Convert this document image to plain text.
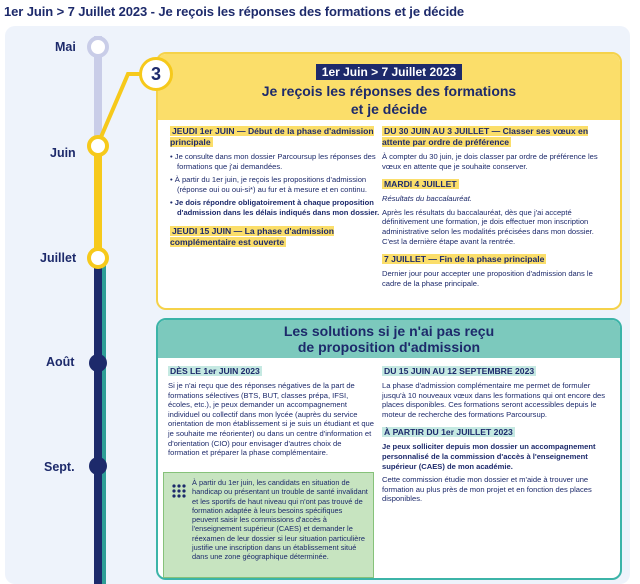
1er Juin > 7 Juillet 2023 - Je reçois les réponses des formations et je décide
Mai
Juin
Juillet
Août
Sept.
1er Juin > 7 Juillet 2023
Je reçois les réponses des formations
et je décide
JEUDI 1er JUIN — Début de la phase d'admission principale
• Je consulte dans mon dossier Parcoursup les réponses des formations que j'ai demandées.
• À partir du 1er juin, je reçois les propositions d'admission (réponse oui ou oui-si*) au fur et à mesure et en continu.
• Je dois répondre obligatoirement à chaque proposition d'admission dans les délais indiqués dans mon dossier.
JEUDI 15 JUIN — La phase d'admission complémentaire est ouverte
DU 30 JUIN AU 3 JUILLET — Classer ses vœux en attente par ordre de préférence
À compter du 30 juin, je dois classer par ordre de préférence les vœux en attente que je souhaite conserver.
MARDI 4 JUILLET
Résultats du baccalauréat.
Après les résultats du baccalauréat, dès que j'ai accepté définitivement une formation, je dois effectuer mon inscription administrative selon les modalités précisées dans mon dossier. C'est la dernière étape avant la rentrée.
7 JUILLET — Fin de la phase principale
Dernier jour pour accepter une proposition d'admission dans le cadre de la phase principale.
Les solutions si je n'ai pas reçu
de proposition d'admission
DÈS LE 1er JUIN 2023
Si je n'ai reçu que des réponses négatives de la part de formations sélectives (BTS, BUT, classes prépa, IFSI, écoles, etc.), je peux demander un accompagnement individuel ou collectif dans mon lycée (auprès du service orientation de mon établissement si je suis un étudiant et que je souhaite me réorienter) ou dans un centre d'information et d'orientation (CIO) pour envisager d'autres choix de formation et préparer la phase complémentaire.
DU 15 JUIN AU 12 SEPTEMBRE 2023
La phase d'admission complémentaire me permet de formuler jusqu'à 10 nouveaux vœux dans les formations qui ont encore des places disponibles. Ces formations seront accessibles depuis le moteur de recherche des formations Parcoursup.
À PARTIR DU 1er JUILLET 2023
Je peux solliciter depuis mon dossier un accompagnement personnalisé de la commission d'accès à l'enseignement supérieur (CAES) de mon académie.
Cette commission étudie mon dossier et m'aide à trouver une formation au plus près de mon projet et en fonction des places disponibles.
À partir du 1er juin, les candidats en situation de handicap ou présentant un trouble de santé invalidant et les sportifs de haut niveau qui n'ont pas trouvé de formation adaptée à leurs besoins spécifiques peuvent saisir les commissions d'accès à l'enseignement supérieur (CAES) et demander le réexamen de leur dossier si leur situation particulière justifie une inscription dans un établissement situé dans une zone géographique déterminée.
3
